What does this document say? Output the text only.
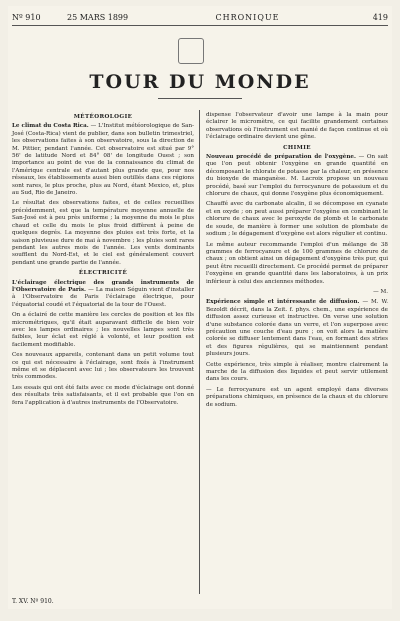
Nº 910	25 MARS 1899	CHRONIQUE	419
TOUR DU MONDE
MÉTÉOROLOGIE

Le climat du Costa Rica. — L'Institut météorologique de San-José (Costa-Rica) vient de publier, dans son bulletin trimestriel, les observations faites à son observatoire, sous la direction de M. Pittier, pendant l'année. Cet observatoire est situé par 9° 56' de latitude Nord et 84° 08' de longitude Ouest ; son importance au point de vue de la connaissance du climat de l'Amérique centrale est d'autant plus grande que, pour nos réseaux, les établissements aussi bien outillés dans ces régions sont rares, le plus proche, plus au Nord, étant Mexico, et, plus au Sud, Rio de Janeiro.

Le résultat des observations faites, et de celles recueillies précédemment, est que la température moyenne annuelle de San-José est à peu près uniforme ; la moyenne du mois le plus chaud et celle du mois le plus froid diffèrent à peine de quelques degrés. La moyenne des pluies est très forte, et la saison pluvieuse dure de mai à novembre ; les pluies sont rares pendant les autres mois de l'année. Les vents dominants soufflent du Nord-Est, et le ciel est généralement couvert pendant une grande partie de l'année.

ÉLECTRICITÉ

L'éclairage électrique des grands instruments de l'Observatoire de Paris. — La maison Séguin vient d'installer à l'Observatoire de Paris l'éclairage électrique, pour l'équatorial coudé et l'équatorial de la tour de l'Ouest.

On a éclairé de cette manière les cercles de position et les fils micrométriques, qu'il était auparavant difficile de bien voir avec les lampes ordinaires ; les nouvelles lampes sont très faibles, leur éclat est réglé à volonté, et leur position est facilement modifiable.

Ces nouveaux appareils, contenant dans un petit volume tout ce qui est nécessaire à l'éclairage, sont fixés à l'instrument même et se déplacent avec lui ; les observateurs les trouvent très commodes.

Les essais qui ont été faits avec ce mode d'éclairage ont donné des résultats très satisfaisants, et il est probable que l'on en fera l'application à d'autres instruments de l'Observatoire.

dispense l'observateur d'avoir une lampe à la main pour éclairer le micromètre, ce qui facilite grandement certaines observations où l'instrument est manié de façon continue et où l'éclairage ordinaire devient une gêne.

CHIMIE

Nouveau procédé de préparation de l'oxygène. — On sait que l'on peut obtenir l'oxygène en grande quantité en décomposant le chlorate de potasse par la chaleur, en présence du bioxyde de manganèse. M. Lacroix propose un nouveau procédé, basé sur l'emploi du ferrocyanure de potassium et du chlorure de chaux, qui donne l'oxygène plus économiquement.

Chauffé avec du carbonate alcalin, il se décompose en cyanate et en oxyde ; on peut aussi préparer l'oxygène en combinant le chlorure de chaux avec le peroxyde de plomb et le carbonate de soude, de manière à former une solution de plombate de sodium ; le dégagement d'oxygène est alors régulier et continu.

Le même auteur recommande l'emploi d'un mélange de 38 grammes de ferrocyanure et de 100 grammes de chlorure de chaux ; on obtient ainsi un dégagement d'oxygène très pur, qui peut être recueilli directement. Ce procédé permet de préparer l'oxygène en grande quantité dans les laboratoires, à un prix inférieur à celui des anciennes méthodes.

— M.

Expérience simple et intéressante de diffusion. — M. W. Bezoldt décrit, dans la Zeit. f. phys. chem., une expérience de diffusion assez curieuse et instructive. On verse une solution d'une substance colorée dans un verre, et l'on superpose avec précaution une couche d'eau pure ; on voit alors la matière colorée se diffuser lentement dans l'eau, en formant des stries et des figures régulières, qui se maintiennent pendant plusieurs jours.

Cette expérience, très simple à réaliser, montre clairement la marche de la diffusion des liquides et peut servir utilement dans les cours.

— Le ferrocyanure est un agent employé dans diverses préparations chimiques, en présence de la chaux et du chlorure de sodium.

T. XV. Nº 910.
